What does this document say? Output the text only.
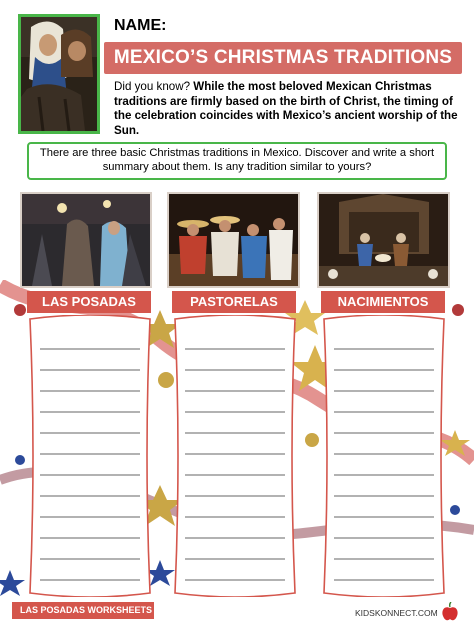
NAME:
MEXICO’S CHRISTMAS TRADITIONS
Did you know? While the most beloved Mexican Christmas traditions are firmly based on the birth of Christ, the timing of the celebration coincides with Mexico’s ancient worship of the Sun.
There are three basic Christmas traditions in Mexico. Discover and write a short summary about them. Is any tradition similar to yours?
LAS POSADAS	PASTORELAS	NACIMIENTOS
LAS POSADAS WORKSHEETS	KIDSKONNECT.COM
